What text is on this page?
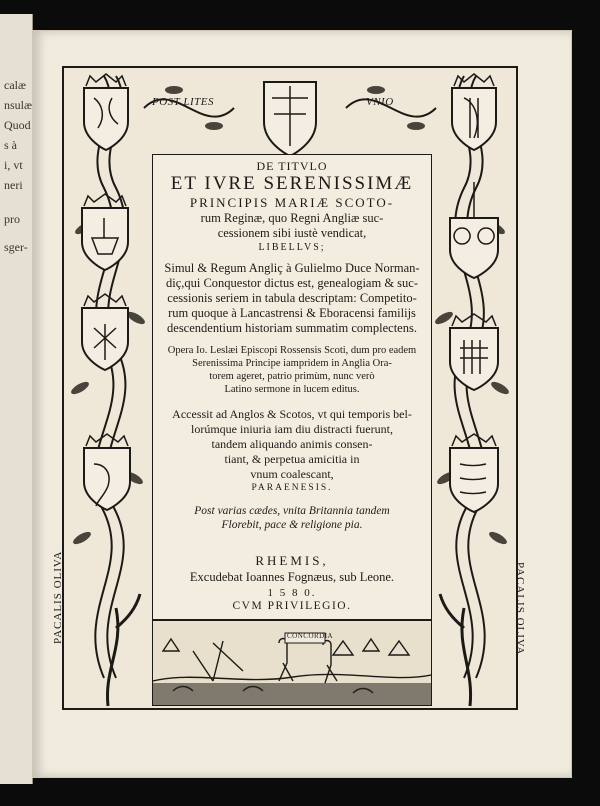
calæ
nsulæ
Quod
s à
i, vt
neri
pro
sger-
POST LITES	VNIO
PACALIS OLIVA	PACALIS OLIVA
DE TITVLO
ET IVRE SERENISSIMÆ
PRINCIPIS MARIÆ SCOTO-
rum Reginæ, quo Regni Angliæ suc-
cessionem sibi iustè vendicat,
LIBELLVS;
Simul & Regum Angliç à Gulielmo Duce Norman-
diç,qui Conquestor dictus est, genealogiam & suc-
cessionis seriem in tabula descriptam: Competito-
rum quoque à Lancastrensi & Eboracensi familijs
descendentium historiam summatim complectens.
Opera Io. Leslæi Episcopi Rossensis Scoti, dum pro eadem
Serenissima Principe iampridem in Anglia Ora-
torem ageret, patrio primùm, nunc verò
Latino sermone in lucem editus.
Accessit ad Anglos & Scotos, vt qui temporis bel-
lorúmque iniuria iam diu distracti fuerunt,
tandem aliquando animis consen-
tiant, & perpetua amicitia in
vnum coalescant,
PARAENESIS.
Post varias cædes, vnita Britannia tandem
Florebit, pace & religione pia.
RHEMIS,
Excudebat Ioannes Fognæus, sub Leone.
1 5 8 0.
CVM PRIVILEGIO.
CONCORDIA
